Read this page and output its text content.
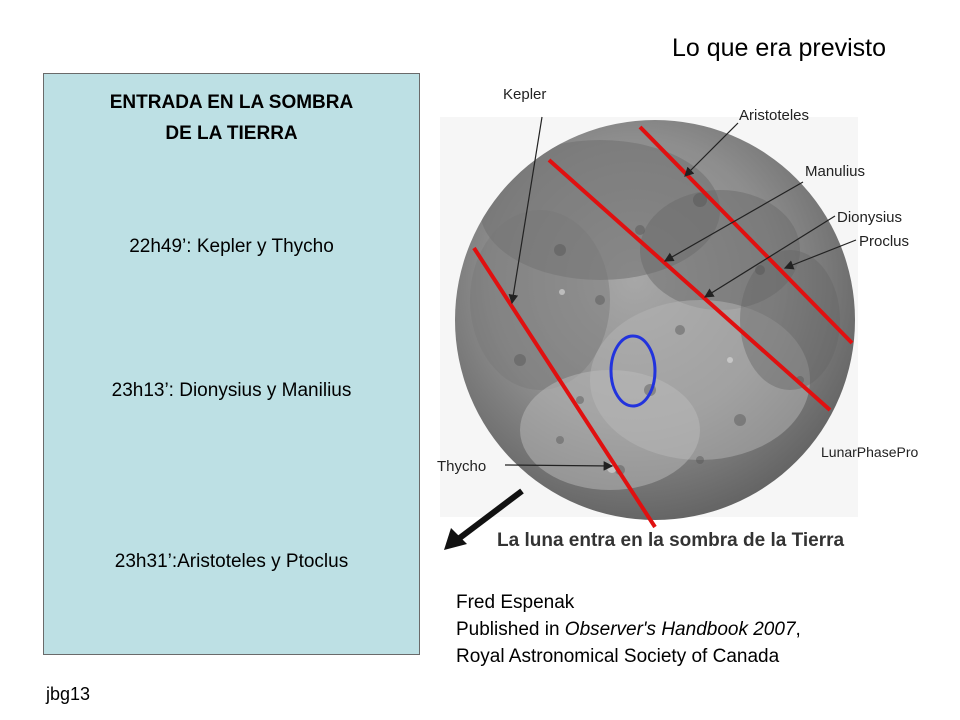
Lo que era previsto
ENTRADA EN LA SOMBRA
DE LA TIERRA
22h49’: Kepler y Thycho
23h13’: Dionysius y Manilius
23h31’:Aristoteles y Ptoclus
jbg13
Kepler
Aristoteles
Manulius
Dionysius
Proclus
Thycho
LunarPhasePro
La luna entra en la sombra de la Tierra
Fred Espenak
Published in Observer's Handbook 2007,
Royal Astronomical Society of Canada
